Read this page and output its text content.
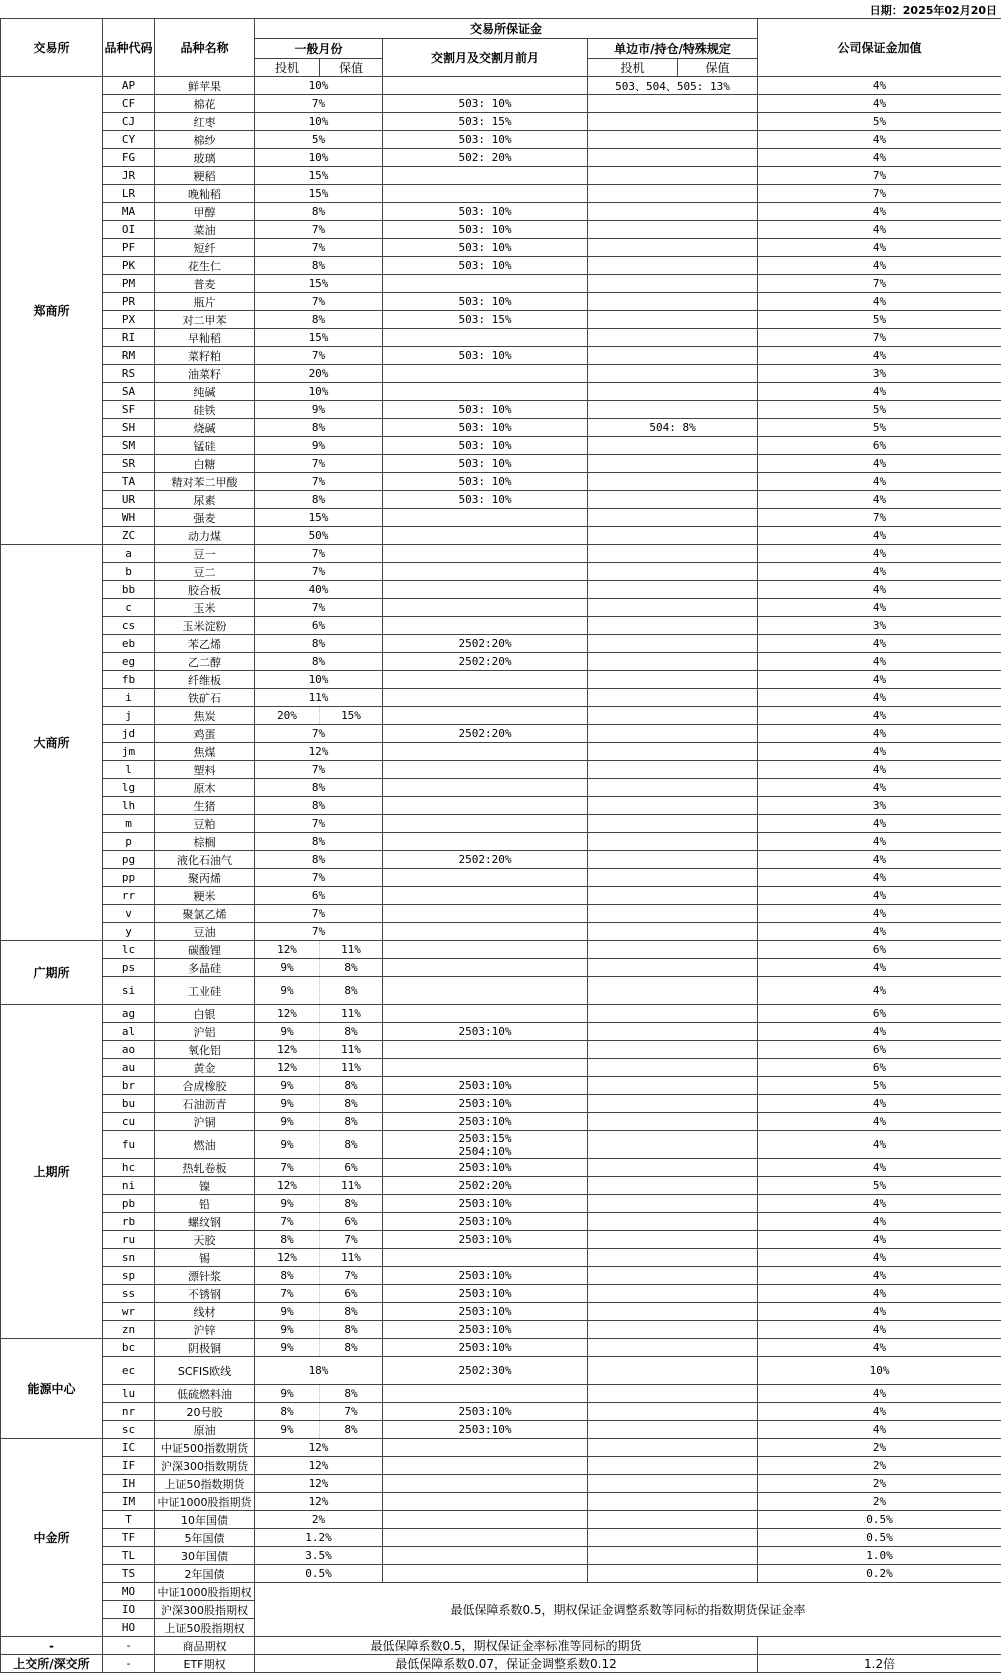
日期：2025年02月20日
交易所	品种代码	品种名称	交易所保证金					公司保证金加值
			一般月份		交割月及交割月前月	单边市/持仓/特殊规定		
			投机	保值		投机	保值	
郑商所	AP	鲜苹果	10%			503、504、505: 13%		4%
	CF	棉花	7%		503: 10%			4%
	CJ	红枣	10%		503: 15%			5%
	CY	棉纱	5%		503: 10%			4%
	FG	玻璃	10%		502: 20%			4%
	JR	粳稻	15%					7%
	LR	晚籼稻	15%					7%
	MA	甲醇	8%		503: 10%			4%
	OI	菜油	7%		503: 10%			4%
	PF	短纤	7%		503: 10%			4%
	PK	花生仁	8%		503: 10%			4%
	PM	普麦	15%					7%
	PR	瓶片	7%		503: 10%			4%
	PX	对二甲苯	8%		503: 15%			5%
	RI	早籼稻	15%					7%
	RM	菜籽粕	7%		503: 10%			4%
	RS	油菜籽	20%					3%
	SA	纯碱	10%					4%
	SF	硅铁	9%		503: 10%			5%
	SH	烧碱	8%		503: 10%	504: 8%		5%
	SM	锰硅	9%		503: 10%			6%
	SR	白糖	7%		503: 10%			4%
	TA	精对苯二甲酸	7%		503: 10%			4%
	UR	尿素	8%		503: 10%			4%
	WH	强麦	15%					7%
	ZC	动力煤	50%					4%
大商所	a	豆一	7%					4%
	b	豆二	7%					4%
	bb	胶合板	40%					4%
	c	玉米	7%					4%
	cs	玉米淀粉	6%					3%
	eb	苯乙烯	8%		2502:20%			4%
	eg	乙二醇	8%		2502:20%			4%
	fb	纤维板	10%					4%
	i	铁矿石	11%					4%
	j	焦炭	20%	15%				4%
	jd	鸡蛋	7%		2502:20%			4%
	jm	焦煤	12%					4%
	l	塑料	7%					4%
	lg	原木	8%					4%
	lh	生猪	8%					3%
	m	豆粕	7%					4%
	p	棕榈	8%					4%
	pg	液化石油气	8%		2502:20%			4%
	pp	聚丙烯	7%					4%
	rr	粳米	6%					4%
	v	聚氯乙烯	7%					4%
	y	豆油	7%					4%
广期所	lc	碳酸锂	12%	11%				6%
	ps	多晶硅	9%	8%				4%
	si	工业硅	9%	8%				4%
上期所	ag	白银	12%	11%				6%
	al	沪铝	9%	8%	2503:10%			4%
	ao	氧化铝	12%	11%				6%
	au	黄金	12%	11%				6%
	br	合成橡胶	9%	8%	2503:10%			5%
	bu	石油沥青	9%	8%	2503:10%			4%
	cu	沪铜	9%	8%	2503:10%			4%
	fu	燃油	9%	8%	2503:15%
2504:10%			4%
	hc	热轧卷板	7%	6%	2503:10%			4%
	ni	镍	12%	11%	2502:20%			5%
	pb	铅	9%	8%	2503:10%			4%
	rb	螺纹钢	7%	6%	2503:10%			4%
	ru	天胶	8%	7%	2503:10%			4%
	sn	锡	12%	11%				4%
	sp	漂针浆	8%	7%	2503:10%			4%
	ss	不锈钢	7%	6%	2503:10%			4%
	wr	线材	9%	8%	2503:10%			4%
	zn	沪锌	9%	8%	2503:10%			4%
能源中心	bc	阴极铜	9%	8%	2503:10%			4%
	ec	SCFIS欧线	18%		2502:30%			10%
	lu	低硫燃料油	9%	8%				4%
	nr	20号胶	8%	7%	2503:10%			4%
	sc	原油	9%	8%	2503:10%			4%
中金所	IC	中证500指数期货	12%					2%
	IF	沪深300指数期货	12%					2%
	IH	上证50指数期货	12%					2%
	IM	中证1000股指期货	12%					2%
	T	10年国债	2%					0.5%
	TF	5年国债	1.2%					0.5%
	TL	30年国债	3.5%					1.0%
	TS	2年国债	0.5%					0.2%
	MO	中证1000股指期权	最低保障系数0.5，期权保证金调整系数等同标的指数期货保证金率					
	IO	沪深300股指期权						
	HO	上证50股指期权						
-	-	商品期权	最低保障系数0.5，期权保证金率标准等同标的期货					
上交所/深交所	-	ETF期权	最低保障系数0.07，保证金调整系数0.12					1.2倍
